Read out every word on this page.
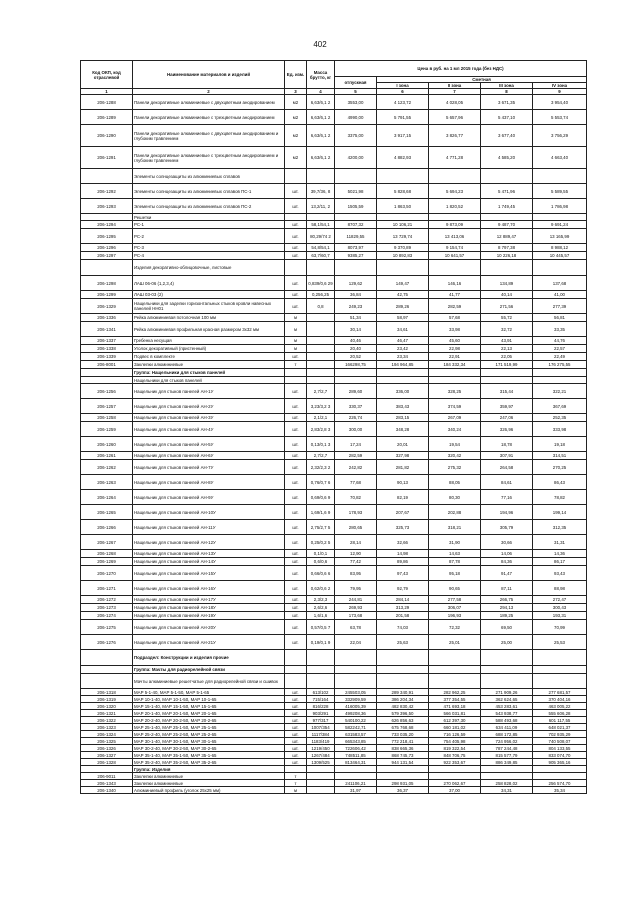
402
Код ОКП, код отраслевой	Наименование материалов и изделий	Ед. изм.	Масса брутто, кг	Цена в руб. на 1 мл 2015 года (без НДС)				
				отпускная	Сметная			
					I зона	II зона	III зона	IV зона
1	2	3	4	5	6	7	8	9
206-1288	Панели декоративные алюминиевые с двухцветным анодированием	м2	6,63/6,1 2	3553,00	4 123,72	4 028,05	3 671,35	3 954,40
206-1289	Панели декоративные алюминиевые с трехцветным анодированием	м2	6,63/6,1 2	4990,00	5 791,55	5 657,96	5 437,10	5 553,74
206-1290	Панели декоративные алюминиевые с двухцветным анодированием и глубоким травлением	м2	6,63/6,1 2	3375,00	3 917,15	3 826,77	3 677,40	3 756,29
206-1291	Панели декоративные алюминиевые с трехцветным анодированием и глубоким травлением	м2	6,63/6,1 2	4200,00	4 882,93	4 771,28	4 585,20	4 663,40
	Элементы солнцезащиты из алюминиевых сплавов							
206-1292	Элементы солнцезащиты из алюминиевых сплавов ПС-1	шт.	39,7/36, 8	5021,98	5 828,68	5 694,23	5 471,96	5 589,55
206-1293	Элементы солнцезащиты из алюминиевых сплавов ПС-2	шт.	13,2/11, 2	1505,59	1 863,50	1 820,52	1 749,45	1 786,98
	Решетки							
206-1294	РС-1	шт.	58,1/54,1	8707,32	10 106,21	9 873,09	9 487,70	9 691,24
206-1295	РС-2	шт.	80,29/74 2	11829,55	13 729,74	13 413,06	12 889,47	13 165,99
206-1296	РС-3	шт.	54,8/54,1	8073,97	9 370,89	9 154,74	8 797,38	8 988,12
206-1297	РС-4	шт.	63,7/60,7	9385,27	10 892,83	10 641,57	10 226,18	10 445,57
	Изделия декоративно-облицовочные, листовые							
206-1298	ЛАШ 06-06 (1,2,3,4)	шт.	0,839/0,6 29	129,62	149,47	146,16	134,89	137,68
206-1299	ЛАШ 03-03 (2)	шт.	0,256,25	36,84	42,75	41,77	40,14	41,00
206-1329	Нащельники для заделки горизонтальных стыков кровли навесных панелей НН01	шт.	0,8	249,23	289,26	282,59	271,56	277,39
206-1336	Рейка алюминиевая потолочная 100 мм	м		51,34	58,97	57,68	55,72	56,81
206-1341	Рейка алюминиевая профильная красная размером 3х32 мм	м		30,14	34,61	33,98	32,72	33,35
206-1337	Гребенка несущая	м		40,46	46,47	45,60	43,91	44,76
206-1338	Уголок декоративный (пристенный)	м		20,40	23,42	22,98	22,13	22,57
206-1339	Подвес в комплекте	шт.		20,52	23,34	22,91	22,05	22,49
206-8001	Заклепки алюминиевые	т		166298,75	194 964,85	184 332,34	171 519,99	176 275,55
	Группа: Нащельники для стыков панелей							
	Нащельники для стыков панелей							
206-1256	Нащельник для стыков панелей АН-1У	шт.	2,7/2,7	289,60	336,00	328,25	315,44	322,21
206-1257	Нащельник для стыков панелей АН-2У	шт.	3,23/3,2 3	330,37	383,43	374,59	359,97	367,69
206-1258	Нащельник для стыков панелей АН-3У	шт.	2,1/2,1	226,74	283,15	267,09	247,06	252,35
206-1259	Нащельник для стыков панелей АН-4У	шт.	2,83/2,8 3	300,00	348,28	340,24	326,96	333,98
206-1260	Нащельник для стыков панелей АН-5У	шт.	0,13/0,1 3	17,24	20,01	19,54	18,78	19,18
206-1261	Нащельник для стыков панелей АН-6У	шт.	2,7/2,7	282,59	327,98	320,42	307,91	314,51
206-1262	Нащельник для стыков панелей АН-7У	шт.	2,32/2,3 2	242,82	281,82	275,32	264,58	270,25
206-1263	Нащельник для стыков панелей АН-8У	шт.	0,76/0,7 6	77,68	90,13	88,05	84,61	86,43
206-1264	Нащельник для стыков панелей АН-9У	шт.	0,69/0,6 9	70,82	82,19	80,30	77,16	78,82
206-1265	Нащельник для стыков панелей АН-10У	шт.	1,69/1,6 9	178,93	207,67	202,88	194,96	199,14
206-1266	Нащельник для стыков панелей АН-11У	шт.	2,75/2,7 5	280,65	325,73	318,21	305,79	312,35
206-1267	Нащельник для стыков панелей АН-12У	шт.	0,25/0,2 5	28,14	32,66	31,90	30,66	31,31
206-1268	Нащельник для стыков панелей АН-13У	шт.	0,1/0,1	12,90	14,98	14,63	14,06	14,36
206-1269	Нащельник для стыков панелей АН-14У	шт.	0,6/0,6	77,42	89,86	87,78	84,36	86,17
206-1270	Нащельник для стыков панелей АН-15У	шт.	0,66/0,6 6	83,95	97,43	95,18	91,47	93,43
206-1271	Нащельник для стыков панелей АН-16У	шт.	0,62/0,6 2	79,95	92,79	90,65	87,11	88,98
206-1272	Нащельник для стыков панелей АН-17У	шт.	2,3/2,3	244,81	284,14	277,58	266,75	272,47
206-1273	Нащельник для стыков панелей АН-18У	шт.	2,6/2,6	269,93	313,29	306,07	294,13	300,43
206-1274	Нащельник для стыков панелей АН-19У	шт.	1,6/1,6	173,68	201,58	196,93	189,25	193,31
206-1275	Нащельник для стыков панелей АН-20У	шт.	0,57/0,5 7	63,78	74,03	72,32	69,50	70,99
206-1276	Нащельник для стыков панелей АН-21У	шт.	0,19/0,1 9	22,04	25,63	25,01	25,00	25,53
	Подраздел: Конструкции и изделия прочие							
	Группа: Мачты для радиорелейной связи							
	Мачты алюминиевые решетчатые для радиорелейной связи и сшивок							
206-1318	МАР 5-1-40, МАР 5-1-50, МАР 5-1-65	шт.	613/102	245503,05	289 340,91	282 962,25	271 909,26	277 681,57
206-1319	МАР 10-1-40, МАР 10-1-50, МАР 10-1-65	шт.	715/164	332909,59	386 204,34	377 354,55	362 624,65	370 404,16
206-1320	МАР 15-1-40, МАР 15-1-50, МАР 15-1-65	шт.	816/228	416005,39	482 830,42	471 693,18	453 283,61	463 005,22
206-1321	МАР 20-1-40, МАР 20-1-50, МАР 20-1-65	шт.	903/291	499208,36	579 396,50	566 031,81	543 938,77	555 606,28
206-1322	МАР 20-2-40, МАР 20-2-50, МАР 20-2-65	шт.	977/317	540100,22	626 856,63	612 397,30	588 493,68	601 117,55
206-1323	МАР 25-1-40, МАР 25-1-50, МАР 25-1-65	шт.	1007/354	582242,71	675 768,68	660 181,02	634 411,09	648 021,37
206-1324	МАР 25-2-40, МАР 25-2-50, МАР 25-2-65	шт.	1117/384	631583,57	733 035,20	716 126,59	688 172,85	702 935,29
206-1325	МАР 30-1-40, МАР 30-1-50, МАР 30-1-65	шт.	1183/419	665343,85	772 218,41	754 405,98	724 956,02	740 508,07
206-1326	МАР 30-2-40, МАР 30-2-50, МАР 30-2-65	шт.	1219/450	722606,42	838 665,36	819 322,54	787 244,48	804 133,55
206-1327	МАР 35-1-40, МАР 35-1-50, МАР 35-1-65	шт.	1267/484	748511,85	868 745,73	848 706,75	815 577,79	833 074,70
206-1328	МАР 35-2-40, МАР 35-2-50, МАР 35-2-65	шт.	1309/525	813464,31	944 131,54	922 353,67	886 349,85	905 365,16
	Группа: Изделия							
206-9011	Заклепки алюминиевые	т						
206-1343	Заклепки алюминиевые	т		241106,21	298 931,05	270 062,67	258 828,02	256 574,70
206-1340	Алюминиевый профиль (уголок 25х25 мм)	м		31,97	36,37	37,00	34,31	35,34
